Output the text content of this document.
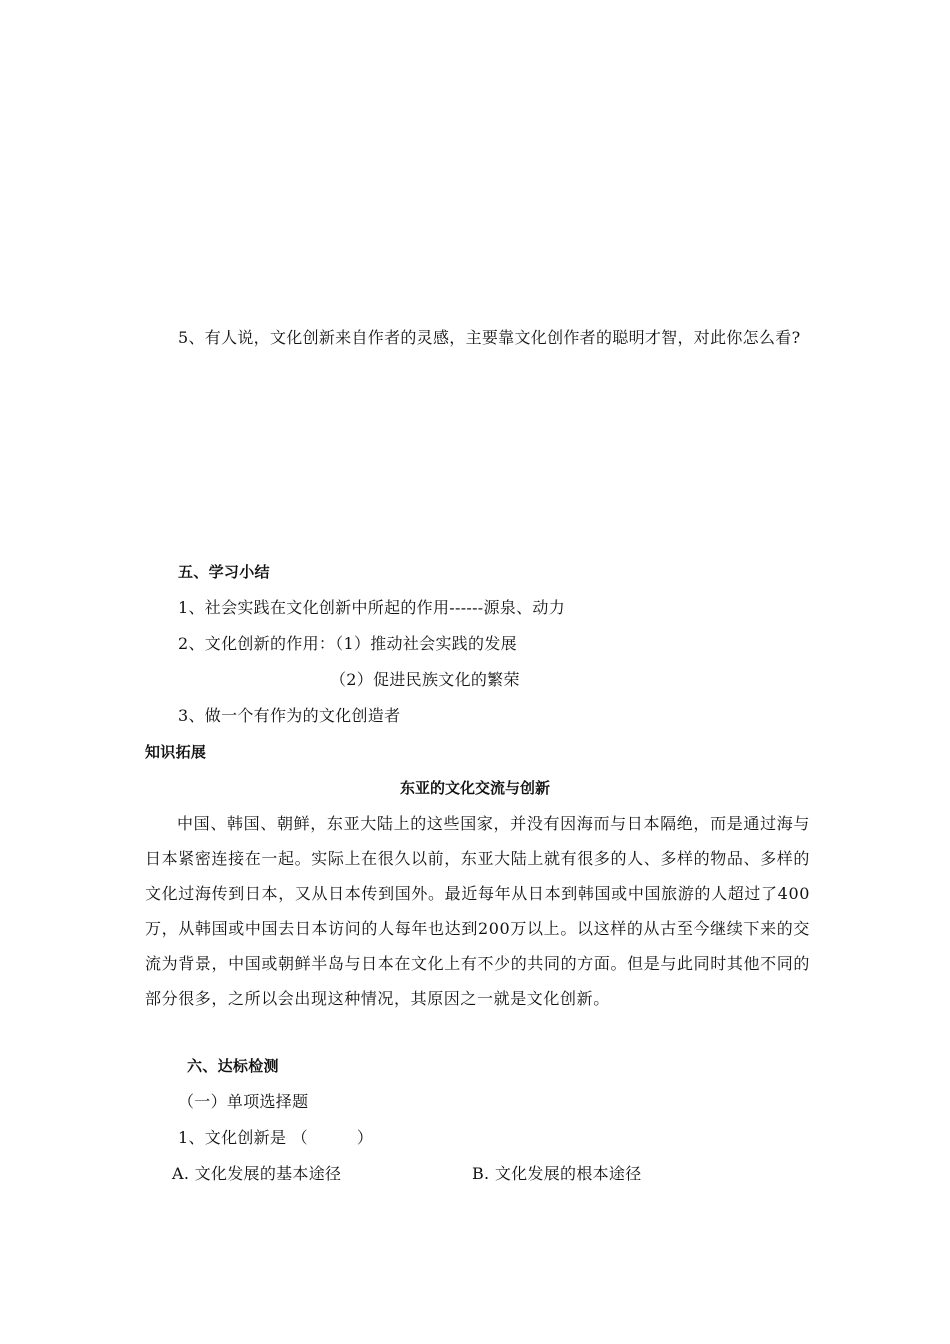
5、有人说，文化创新来自作者的灵感，主要靠文化创作者的聪明才智，对此你怎么看?
五、学习小结
1、社会实践在文化创新中所起的作用------源泉、动力
2、文化创新的作用：（1）推动社会实践的发展
（2）促进民族文化的繁荣
3、做一个有作为的文化创造者
知识拓展
东亚的文化交流与创新
中国、韩国、朝鲜，东亚大陆上的这些国家，并没有因海而与日本隔绝，而是通过海与日本紧密连接在一起。实际上在很久以前，东亚大陆上就有很多的人、多样的物品、多样的文化过海传到日本，又从日本传到国外。最近每年从日本到韩国或中国旅游的人超过了400万，从韩国或中国去日本访问的人每年也达到200万以上。以这样的从古至今继续下来的交流为背景，中国或朝鲜半岛与日本在文化上有不少的共同的方面。但是与此同时其他不同的部分很多，之所以会出现这种情况，其原因之一就是文化创新。
六、达标检测
（一）单项选择题
1、文化创新是 （　　　）
A. 文化发展的基本途径	B. 文化发展的根本途径
